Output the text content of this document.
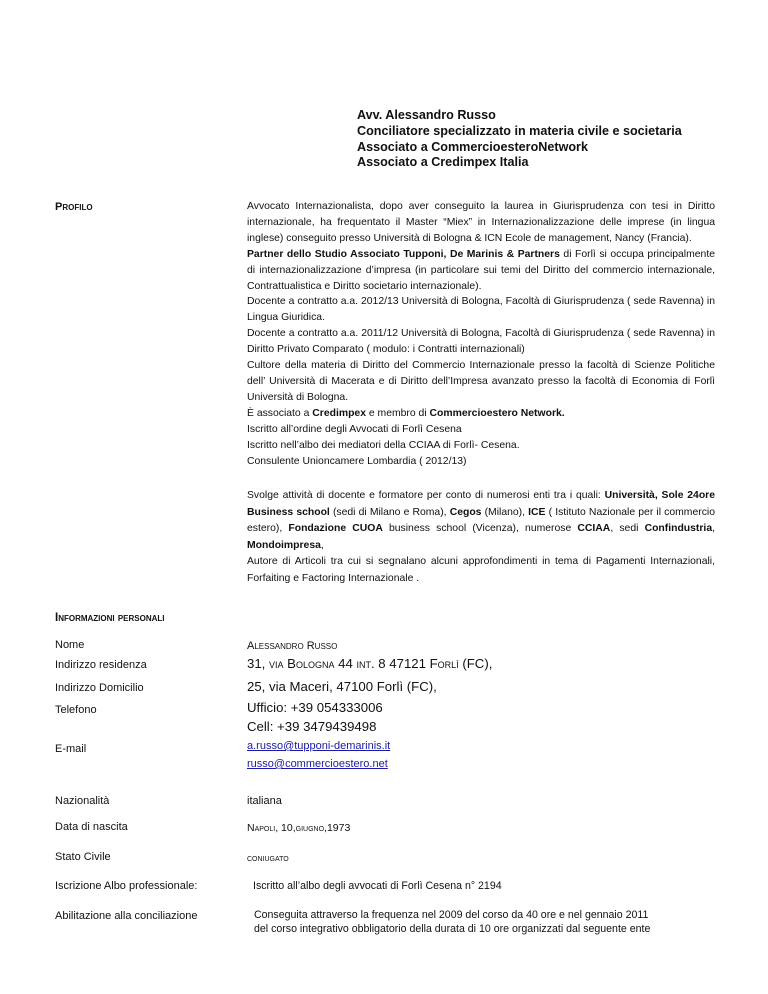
Avv. Alessandro Russo
Conciliatore specializzato in materia civile e societaria
Associato a CommercioesteroNetwork
Associato a Credimpex Italia
Profilo	Avvocato Internazionalista, dopo aver conseguito la laurea in Giurisprudenza con tesi in Diritto internazionale, ha frequentato il Master “Miex” in Internazionalizzazione delle imprese (in lingua inglese) conseguito presso Università di Bologna & ICN Ecole de management, Nancy (Francia).

Partner dello Studio Associato Tupponi, De Marinis & Partners di Forlì si occupa principalmente di internazionalizzazione d’impresa (in particolare sui temi del Diritto del commercio internazionale, Contrattualistica e Diritto societario internazionale).

Docente a contratto a.a. 2012/13 Università di Bologna, Facoltà di Giurisprudenza ( sede Ravenna) in Lingua Giuridica.

Docente a contratto a.a. 2011/12 Università di Bologna, Facoltà di Giurisprudenza ( sede Ravenna) in Diritto Privato Comparato ( modulo: i Contratti internazionali)

Cultore della materia di Diritto del Commercio Internazionale presso la facoltà di Scienze Politiche dell’ Università di Macerata e di Diritto dell’Impresa avanzato presso la facoltà di Economia di Forlì Università di Bologna.

È associato a Credimpex e membro di Commercioestero Network.

Iscritto all’ordine degli Avvocati di Forlì Cesena

Iscritto nell’albo dei mediatori della CCIAA di Forlì- Cesena.

Consulente Unioncamere Lombardia ( 2012/13)

Svolge attività di docente e formatore per conto di numerosi enti tra i quali: Università, Sole 24ore Business school (sedi di Milano e Roma), Cegos (Milano), ICE ( Istituto Nazionale per il commercio estero), Fondazione CUOA business school (Vicenza), numerose CCIAA, sedi Confindustria, Mondoimpresa,

Autore di Articoli tra cui si segnalano alcuni approfondimenti in tema di Pagamenti Internazionali, Forfaiting e Factoring Internazionale .

Informazioni personali
Nome	Alessandro Russo
Indirizzo residenza	31, via Bologna 44 int. 8 47121 Forlì (FC),
Indirizzo Domicilio	25, via Maceri, 47100 Forlì (FC),
Telefono	Ufficio: +39 054333006
Cell: +39 3479439498
E-mail	a.russo@tupponi-demarinis.it
russo@commercioestero.net
Nazionalità	italiana
Data di nascita	Napoli, 10,giugno,1973
Stato Civile	coniugato
Iscrizione Albo professionale:	Iscritto all’albo degli avvocati di Forlì Cesena n° 2194
Abilitazione alla conciliazione	Conseguita attraverso la frequenza nel 2009 del corso da 40 ore e nel gennaio 2011
del corso integrativo obbligatorio della durata di 10 ore organizzati dal seguente ente
